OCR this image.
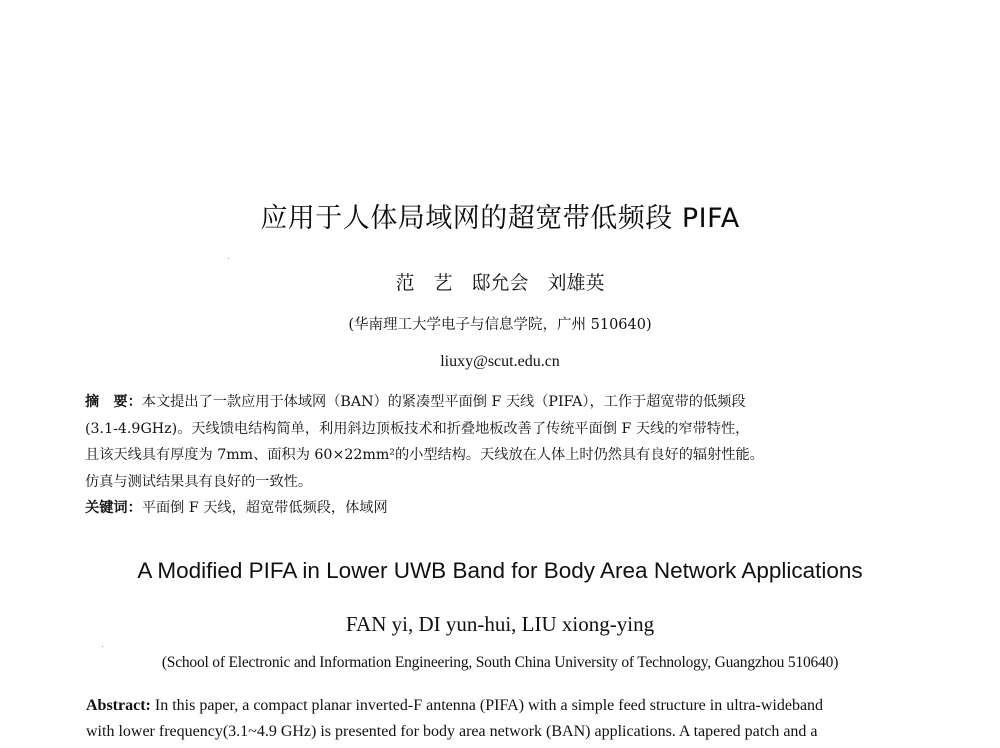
应用于人体局域网的超宽带低频段 PIFA
范　艺　邸允会　刘雄英
(华南理工大学电子与信息学院，广州 510640)
liuxy@scut.edu.cn
摘　要：本文提出了一款应用于体域网（BAN）的紧凑型平面倒 F 天线（PIFA），工作于超宽带的低频段
(3.1-4.9GHz)。天线馈电结构简单，利用斜边顶板技术和折叠地板改善了传统平面倒 F 天线的窄带特性，
且该天线具有厚度为 7mm、面积为 60×22mm²的小型结构。天线放在人体上时仍然具有良好的辐射性能。
仿真与测试结果具有良好的一致性。
关键词：平面倒 F 天线，超宽带低频段，体域网
A Modified PIFA in Lower UWB Band for Body Area Network Applications
FAN yi, DI yun-hui, LIU xiong-ying
(School of Electronic and Information Engineering, South China University of Technology, Guangzhou 510640)
Abstract: In this paper, a compact planar inverted-F antenna (PIFA) with a simple feed structure in ultra-wideband
with lower frequency(3.1~4.9 GHz) is presented for body area network (BAN) applications. A tapered patch and a
